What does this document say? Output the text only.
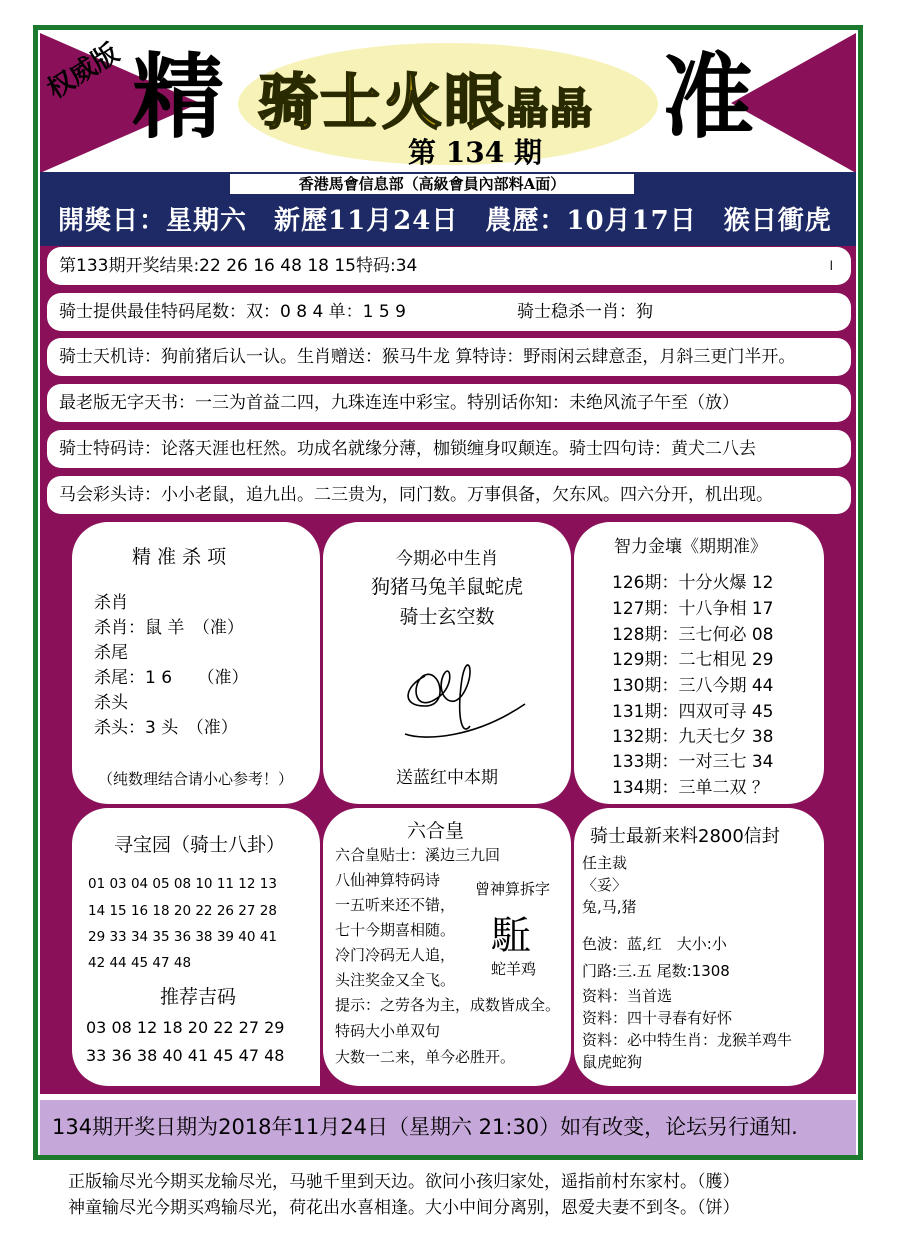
权威版 精	准
骑士火眼晶晶
第 134 期
香港馬會信息部（高級會員內部料A面）
開獎日：星期六　新歷11月24日　農歷：10月17日　猴日衝虎
第133期开奖结果:22 26 16 48 18 15特码:34	l
骑士提供最佳特码尾数：双：0 8 4 单：1 5 9	骑士稳杀一肖：狗
骑士天机诗：狗前猪后认一认。生肖赠送：猴马牛龙 算特诗：野雨闲云肆意歪，月斜三更门半开。
最老版无字天书：一三为首益二四，九珠连连中彩宝。特别话你知：未绝风流子午至（放）
骑士特码诗：论落天涯也枉然。功成名就缘分薄，枷锁缠身叹颠连。骑士四句诗：黄犬二八去
马会彩头诗：小小老鼠，追九出。二三贵为，同门数。万事俱备，欠东风。四六分开，机出现。
精 准 杀 项
杀肖
杀肖：鼠 羊　（准）
杀尾
杀尾：1 6　　（准）
杀头
杀头：3 头　（准）
（纯数理结合请小心参考！）
今期必中生肖
狗猪马兔羊鼠蛇虎
骑士玄空数
送蓝红中本期
智力金壤《期期准》
126期：十分火爆 12
127期：十八争相 17
128期：三七何必 08
129期：二七相见 29
130期：三八今期 44
131期：四双可寻 45
132期：九天七夕 38
133期：一对三七 34
134期：三单二双 ？
寻宝园（骑士八卦）
01 03 04 05 08 10 11 12 13
14 15 16 18 20 22 26 27 28
29 33 34 35 36 38 39 40 41
42 44 45 47 48
推荐吉码
03 08 12 18 20 22 27 29
33 36 38 40 41 45 47 48
六合皇
六合皇贴士：溪边三九回
八仙神算特码诗
一五听来还不错，
七十今期喜相随。
冷门冷码无人追，
头注奖金又全飞。
提示：之劳各为主，成数皆成全。
特码大小单双句
大数一二来，单今必胜开。
曾神算拆字
駈
蛇羊鸡
骑士最新来料2800信封
任主裁
〈妥〉
兔,马,猪
色波：蓝,红　大小:小
门路:三.五 尾数:1308
资料：当首选
资料：四十寻春有好怀
资料：必中特生肖：龙猴羊鸡牛
鼠虎蛇狗
134期开奖日期为2018年11月24日（星期六 21:30）如有改变，论坛另行通知.
正版输尽光今期买龙输尽光，马驰千里到天边。欲问小孩归家处，遥指前村东家村。（臒）
神童输尽光今期买鸡输尽光，荷花出水喜相逢。大小中间分离别，恩爱夫妻不到冬。（饼）
